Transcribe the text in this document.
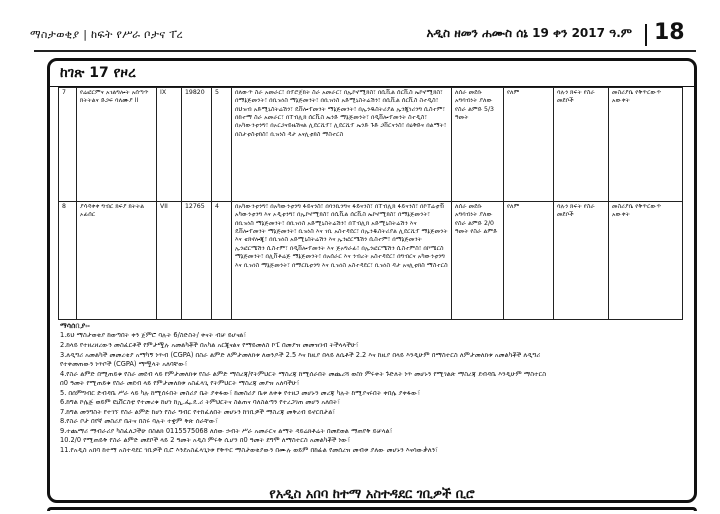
ማስታወቂያ | ከፍት የሥራ ቦታና ፐረ	አዲስ ዘመን ሐሙስ ሰኔ 19 ቀን 2017 ዓ.ም 18
ከገጽ 17 የዞረ
7	የሬፎርምና አገልግሎት አሰጣጥ ክትትልና ድጋፍ ባለሙያ II	IX	19820	5	በለውጥ ስራ አመራር፣ በፕሮጀክት ስራ አመራር፣ በኢኮኖሚክስ፣ በሲቪል ሰርቪስ ኤኮኖሚክስ፣ በማኔጅመንት፣ በቢዝነስ ማኔጅመንት፣ በቢዝነስ አድሚኒስትሬሽን፣ በሲቪል ሰርቪስ ስተዲስ፣ በህዝብ አድሚኒስትሬሽን፣ ዴቨሎፕመንት ማኔጅመንት፣ በኢንዱስትሪያል ኢንጂነሪንግ ሲስተም፣ በከተማ ስራ አመራር፣ በፐብሊክ ሰርቪስ ኤንድ ማኔጅመንት፣ በዲቨሎፕመንት ስተዲስ፣ በአካውንቲንግ፣ በኦርጋናይዜሽናል ሊደርሺፕ፣ ሊደርሺፕ ኤንድ ጉድ ጋቨርናንስ፣ በዕቅድና በልማት፣ በስታቲስቲክስ፣ ቢዝነስ ዳታ አናሊቲክስ ማስተርስ	ለሰራ መደቡ አግባብነት ያለው የስራ ልምድ 5/3 ዓመት	የለም	ባሉን ክፍት የስራ መደቦች	መስሪያቤ የቅጥርውጥ አውቀት
8	ያሳዳቀቀ ግብር ክፍያ ክትትል ኦፊሰር	VII	12765	4	በአካውንቲንግ፣ በአካውንቲንግ ፋይናንስ፣ በባንኪንግና ፋይናንስ፣ በፐብሊክ ፋይናንስ፣ በኮፐሬቲቭ አካውንቲንግ እና ኦዲቲንግ፣ በኢኮኖሚክስ፣ በሲቪል ሰርቪስ ኤኮኖሚክስ፣ በማኔጅመንት፣ በቢዝነስ ማኔጅመንት፣ በቢዝነስ አድሚኒስትሬሽን፣ በፐብሊክ አድሚኒስትሬሽን እና ዴቨሎፕመንት ማኔጅመንት፣ ቢዝነስ እና ገቢ አስተዳደር፣ በኢንዱስትሪያል ሊደርሺፕ ማኔጅመንት እና ቴክኖሎጂ፣ በቢዝነስ አድሚኒስትሬሽን እና ኢንፎርሜሽን ሲስተም፣ በማኔጅመንት ኢንፎርሜሽን ሲስተም፣ በዲቨሎፕመንት እና ጅኦግራፊ፣ በኢንፎርሜሽን ሲስተምስ፣ በኮሜርስ ማኔጅመንት፣ በሊቨቶሬጅ ማኔጅመንት፣ በአሰራር እና ንብረት አስተዳደር፣ በግብርና አካውንቲንግ እና ቢዝነስ ማኔጅመንት፣ በማርኬቲንግ እና ቢዝነስ አስተዳደር፣ ቢዝነስ ዳታ አናሊቲክስ ማስተርስ	ለሰራ መደቡ አግባብነት ያለው የስራ ልምድ 2/0 ዓመት የስራ ልምድ	የለም	ባሉን ክፍት የስራ መደቦች	መስሪያቤ የቅጥርውጥ አውቀት
ማሳሰቢያ፡-
1.ይህ ማስታወቂያ ከወጣበት ቀን ጀምሮ ባሉት 6/ስድስት/ ቀናት ብቻ ይሆናል፣
2.ከላይ የተዘረዘረውን መስፈርቶች የምታሟሉ አመልካቾች በአካል አርጂናልና የማይመለስ ኮፒ በመያዝ መመዝገብ ትችላላችሁ፣
3.ለዲግሪ አመልካች መመረቂያ አማካኝ ነጥብ (CGPA) በስራ ልምድ ለምታመለክቱ ለወንዶች 2.5 እና ከዚያ በላይ ለሴቶች 2.2 እና ከዚያ በላይ እንዲሁም በማስተርስ ለምታመለክቱ አመልካቾች ለዲግሪ
የተቀመጠውን ነጥቦች (CGPA) ማሟላት አለባቸው፣
4.የስራ ልምድ በሚጠይቁ የስራ መደብ ላይ የምታመለክቱ የስራ ልምድ ማስረጃ/የትምህርት ማስረጃ ከሚሰራበት መጨረሻ ወስነ ምሩቀት ጉድለት ነጥ መሆኑን የሚገልጽ ማስረጃ ደብዳቤ እንዲሁም ማስተርስ
በ0 ዓመት የሚጠይቁ የስራ መደብ ላይ የምታመለክቱ አስፈላጊ የትምህርት ማስረጃ መያዝ አለባችሁ፣
5. በሰምግብር ድብዳቤ ሥራ ላይ ካሉ ከሚሰሩበት መስሪያ ቤት ያቀፋው፣ ከመስሪያ ቤቱ ለቀቁ የተዘጋ መሆኑን መረጃ ካሉት ከሚያናሩበት ቀበሌ ያቀፋው፣
6.ከግል ኮሌጅ ወይም ዩኒቨርስቲ የተመረቁ ከሆነ ከኢ.ፌ.ዴ.ሪ ትምህርትና ስልጠና ባለስልጣን የተረጋገጠ መሆን አለበት፣
7.ከግል መንግስት የተገኘ የስራ ልምድ ከሆነ የስራ ግብር የተከፈለበት መሆኑን ከገቢዎች ማስረጃ መቅረብ ይኖርበታል፣
8.የስራ ቦታ በየኛ መስሪያ ቤትና በስሩ ባሉት ተቋም ቅጽ ሰራቸው፣
9.ተጨማሪ ማብራሪያ ካስፈለጋችሁ በስልክ 0115575068 ለሰው ኃብት ሥራ አመራርና ልማት ዳይሬክቶሬት በመደወል ማጠየቅ ይቻላል፣
10.2/0 የሚጠይቅ የስራ ልምድ መደቦች ላይ 2 ዓመት አዲስ ምሩቅ ሲሆን በ0 ዓመት ደግሞ ለማስተርስ አመልካቾች ነው፣
11.የአዲስ አበባ ከተማ አስተዳደር ገቢዎች ቢሮ እንደአስፈላጊነቱ የቅጥር ማስታወቂያውን በሙሉ ወይም በከፊል የመሰረዝ መብቱ ያለው መሆኑን እናሳውቃለን፣
የአዲስ አበባ ከተማ አስተዳደር ገቢዎች ቢሮ
